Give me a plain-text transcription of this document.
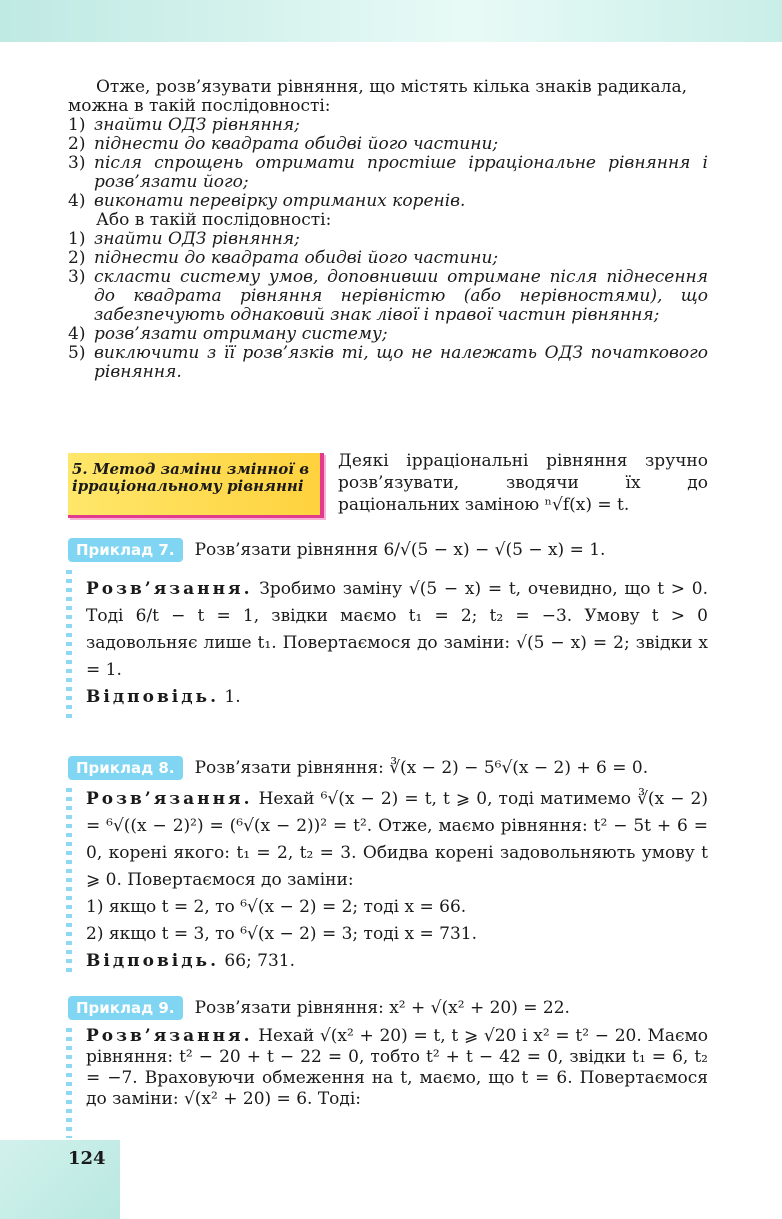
Отже, розв’язувати рівняння, що містять кілька знаків радикала, можна в такій послідовності:

1) знайти ОДЗ рівняння;
2) піднести до квадрата обидві його частини;
3) після спрощень отримати простіше ірраціональне рівняння і розв’язати його;
4) виконати перевірку отриманих коренів.

Або в такій послідовності:

1) знайти ОДЗ рівняння;
2) піднести до квадрата обидві його частини;
3) скласти систему умов, доповнивши отримане після піднесення до квадрата рівняння нерівністю (або нерівностями), що забезпечують однаковий знак лівої і правої частин рівняння;
4) розв’язати отриману систему;
5) виключити з її розв’язків ті, що не належать ОДЗ початкового рівняння.
5. Метод заміни змінної в ірраціональному рівнянні
Деякі ірраціональні рівняння зручно розв’язувати, зводячи їх до раціональних заміною ⁿ√f(x) = t.
Приклад 7.	Розв’язати рівняння 6/√(5 − x) − √(5 − x) = 1.
Розв’язання. Зробимо заміну √(5 − x) = t, очевидно, що t > 0. Тоді 6/t − t = 1, звідки маємо t₁ = 2; t₂ = −3. Умову t > 0 задовольняє лише t₁. Повертаємося до заміни: √(5 − x) = 2; звідки x = 1.
Відповідь. 1.
Приклад 8.	Розв’язати рівняння: ∛(x − 2) − 5⁶√(x − 2) + 6 = 0.
Розв’язання. Нехай ⁶√(x − 2) = t, t ⩾ 0, тоді матимемо ∛(x − 2) = ⁶√((x − 2)²) = (⁶√(x − 2))² = t². Отже, маємо рівняння: t² − 5t + 6 = 0, корені якого: t₁ = 2, t₂ = 3. Обидва корені задовольняють умову t ⩾ 0. Повертаємося до заміни:
1) якщо t = 2, то ⁶√(x − 2) = 2; тоді x = 66.
2) якщо t = 3, то ⁶√(x − 2) = 3; тоді x = 731.
Відповідь. 66; 731.
Приклад 9.	Розв’язати рівняння: x² + √(x² + 20) = 22.
Розв’язання. Нехай √(x² + 20) = t, t ⩾ √20 і x² = t² − 20. Маємо рівняння: t² − 20 + t − 22 = 0, тобто t² + t − 42 = 0, звідки t₁ = 6, t₂ = −7. Враховуючи обмеження на t, маємо, що t = 6. Повертаємося до заміни: √(x² + 20) = 6. Тоді:
124
